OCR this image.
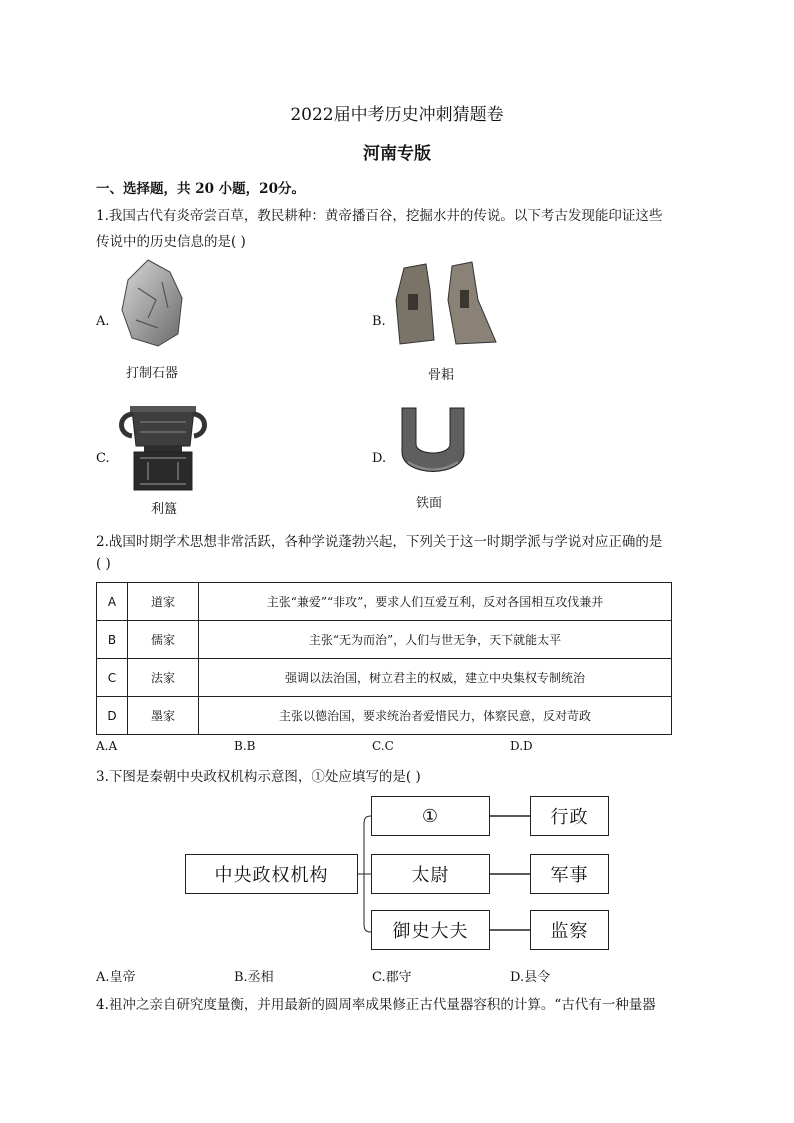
2022届中考历史冲刺猜题卷
河南专版
一、选择题，共 20 小题，20分。
1.我国古代有炎帝尝百草，教民耕种：黄帝播百谷，挖掘水井的传说。以下考古发现能印证这些
传说中的历史信息的是( )
A.
打制石器
B.
骨耜
C.
利簋
D.
铁面
2.战国时期学术思想非常活跃，各种学说蓬勃兴起，下列关于这一时期学派与学说对应正确的是
( )
A	道家	主张“兼爱”“非攻”，要求人们互爱互利，反对各国相互攻伐兼并
B	儒家	主张“无为而治”，人们与世无争，天下就能太平
C	法家	强调以法治国，树立君主的权威，建立中央集权专制统治
D	墨家	主张以德治国，要求统治者爱惜民力，体察民意，反对苛政
A.A	B.B	C.C	D.D
3.下图是秦朝中央政权机构示意图，①处应填写的是( )
中央政权机构
①
太尉
御史大夫
行政
军事
监察
A.皇帝	B.丞相	C.郡守	D.县令
4.祖冲之亲自研究度量衡，并用最新的圆周率成果修正古代量器容积的计算。“古代有一种量器
